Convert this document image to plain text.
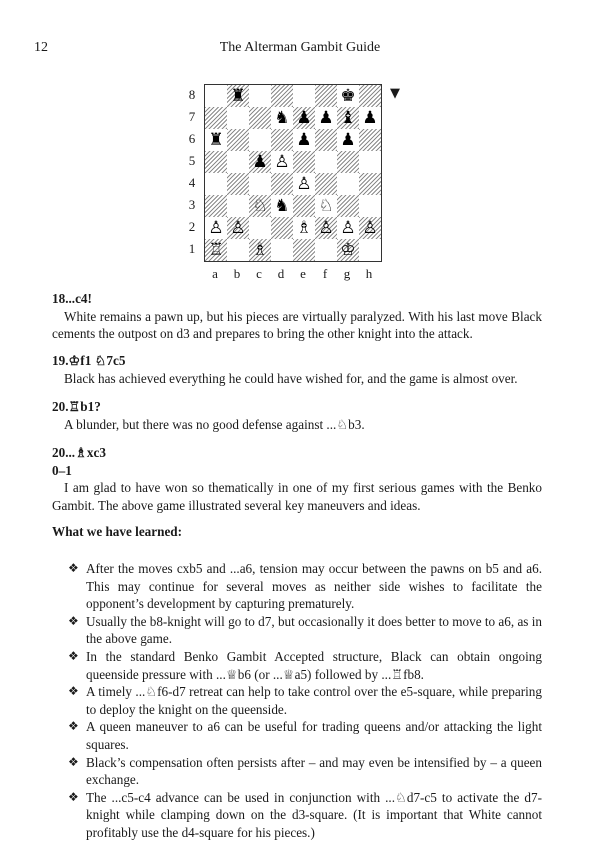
12	The Alterman Gambit Guide
8
7
6
5
4
3
2
1
♜	♚
♞ ♟ ♟ ♝ ♟
♜	♟ ♟
♟ ♙
♙
♘ ♞ ♘
♙ ♙	♗ ♙ ♙ ♙
♖ ♗	♔
a	b	c	d	e	f	g	h
▼
18...c4!

White remains a pawn up, but his pieces are virtually paralyzed. With his last move Black cements the outpost on d3 and prepares to bring the other knight into the attack.

19.♔f1 ♘7c5

Black has achieved everything he could have wished for, and the game is almost over.

20.♖b1?

A blunder, but there was no good defense against ...♘b3.

20...♗xc3
0–1

I am glad to have won so thematically in one of my first serious games with the Benko Gambit. The above game illustrated several key maneuvers and ideas.

What we have learned:
❖ After the moves cxb5 and ...a6, tension may occur between the pawns on b5 and a6. This may continue for several moves as neither side wishes to facilitate the opponent’s development by capturing prematurely.
❖ Usually the b8-knight will go to d7, but occasionally it does better to move to a6, as in the above game.
❖ In the standard Benko Gambit Accepted structure, Black can obtain ongoing queenside pressure with ...♕b6 (or ...♕a5) followed by ...♖fb8.
❖ A timely ...♘f6-d7 retreat can help to take control over the e5-square, while preparing to deploy the knight on the queenside.
❖ A queen maneuver to a6 can be useful for trading queens and/or attacking the light squares.
❖ Black’s compensation often persists after – and may even be intensified by – a queen exchange.
❖ The ...c5-c4 advance can be used in conjunction with ...♘d7-c5 to activate the d7-knight while clamping down on the d3-square. (It is important that White cannot profitably use the d4-square for his pieces.)
